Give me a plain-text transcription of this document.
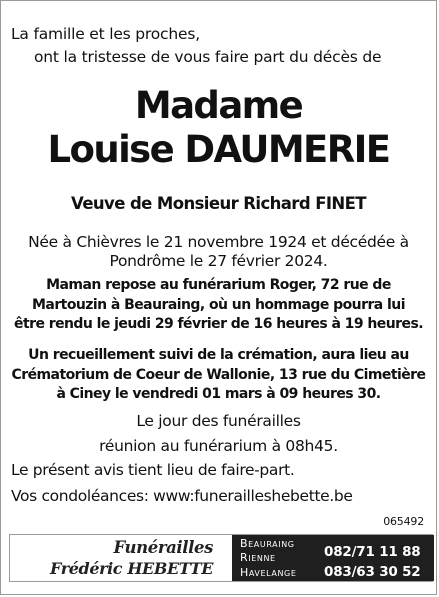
La famille et les proches,
ont la tristesse de vous faire part du décès de
Madame
Louise DAUMERIE
Veuve de Monsieur Richard FINET
Née à Chièvres le 21 novembre 1924 et décédée à
Pondrôme le 27 février 2024.
Maman repose au funérarium Roger, 72 rue de
Martouzin à Beauraing, où un hommage pourra lui
être rendu le jeudi 29 février de 16 heures à 19 heures.
Un recueillement suivi de la crémation, aura lieu au
Crématorium de Coeur de Wallonie, 13 rue du Cimetière
à Ciney le vendredi 01 mars à 09 heures 30.
Le jour des funérailles
réunion au funérarium à 08h45.
Le présent avis tient lieu de faire-part.
Vos condoléances: www:funerailleshebette.be
065492
Funérailles
Frédéric HEBETTE
Beauraing
082/71 11 88
Rienne
Havelange 083/63 30 52
